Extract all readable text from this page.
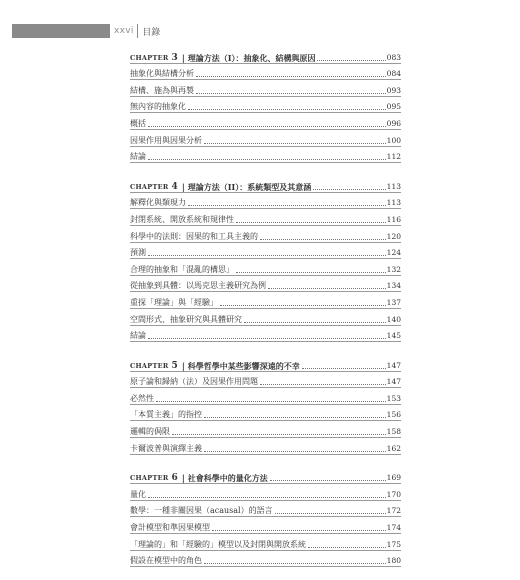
xxvi 目錄
CHAPTER 3 | 理論方法（I）：抽象化、結構與原因	083
抽象化與結構分析	084
結構、施為與再製	093
無內容的抽象化	095
概括	096
因果作用與因果分析	100
結論	112
CHAPTER 4 | 理論方法（II）：系統類型及其意涵	113
解釋化與類現力	113
封閉系統、開放系統和規律性	116
科學中的法則：因果的和工具主義的	120
預測	124
合理的抽象和「混亂的構思」	132
從抽象到具體：以馬克思主義研究為例	134
重探「理論」與「經驗」	137
空間形式、抽象研究與具體研究	140
結論	145
CHAPTER 5 | 科學哲學中某些影響深遠的不幸	147
原子論和歸納（法）及因果作用問題	147
必然性	153
「本質主義」的指控	156
邏輯的侷限	158
卡爾波普與演繹主義	162
CHAPTER 6 | 社會科學中的量化方法	169
量化	170
數學：一種非關因果（acausal）的語言	172
會計模型和準因果模型	174
「理論的」和「經驗的」模型以及封閉與開放系統	175
假設在模型中的角色	180
